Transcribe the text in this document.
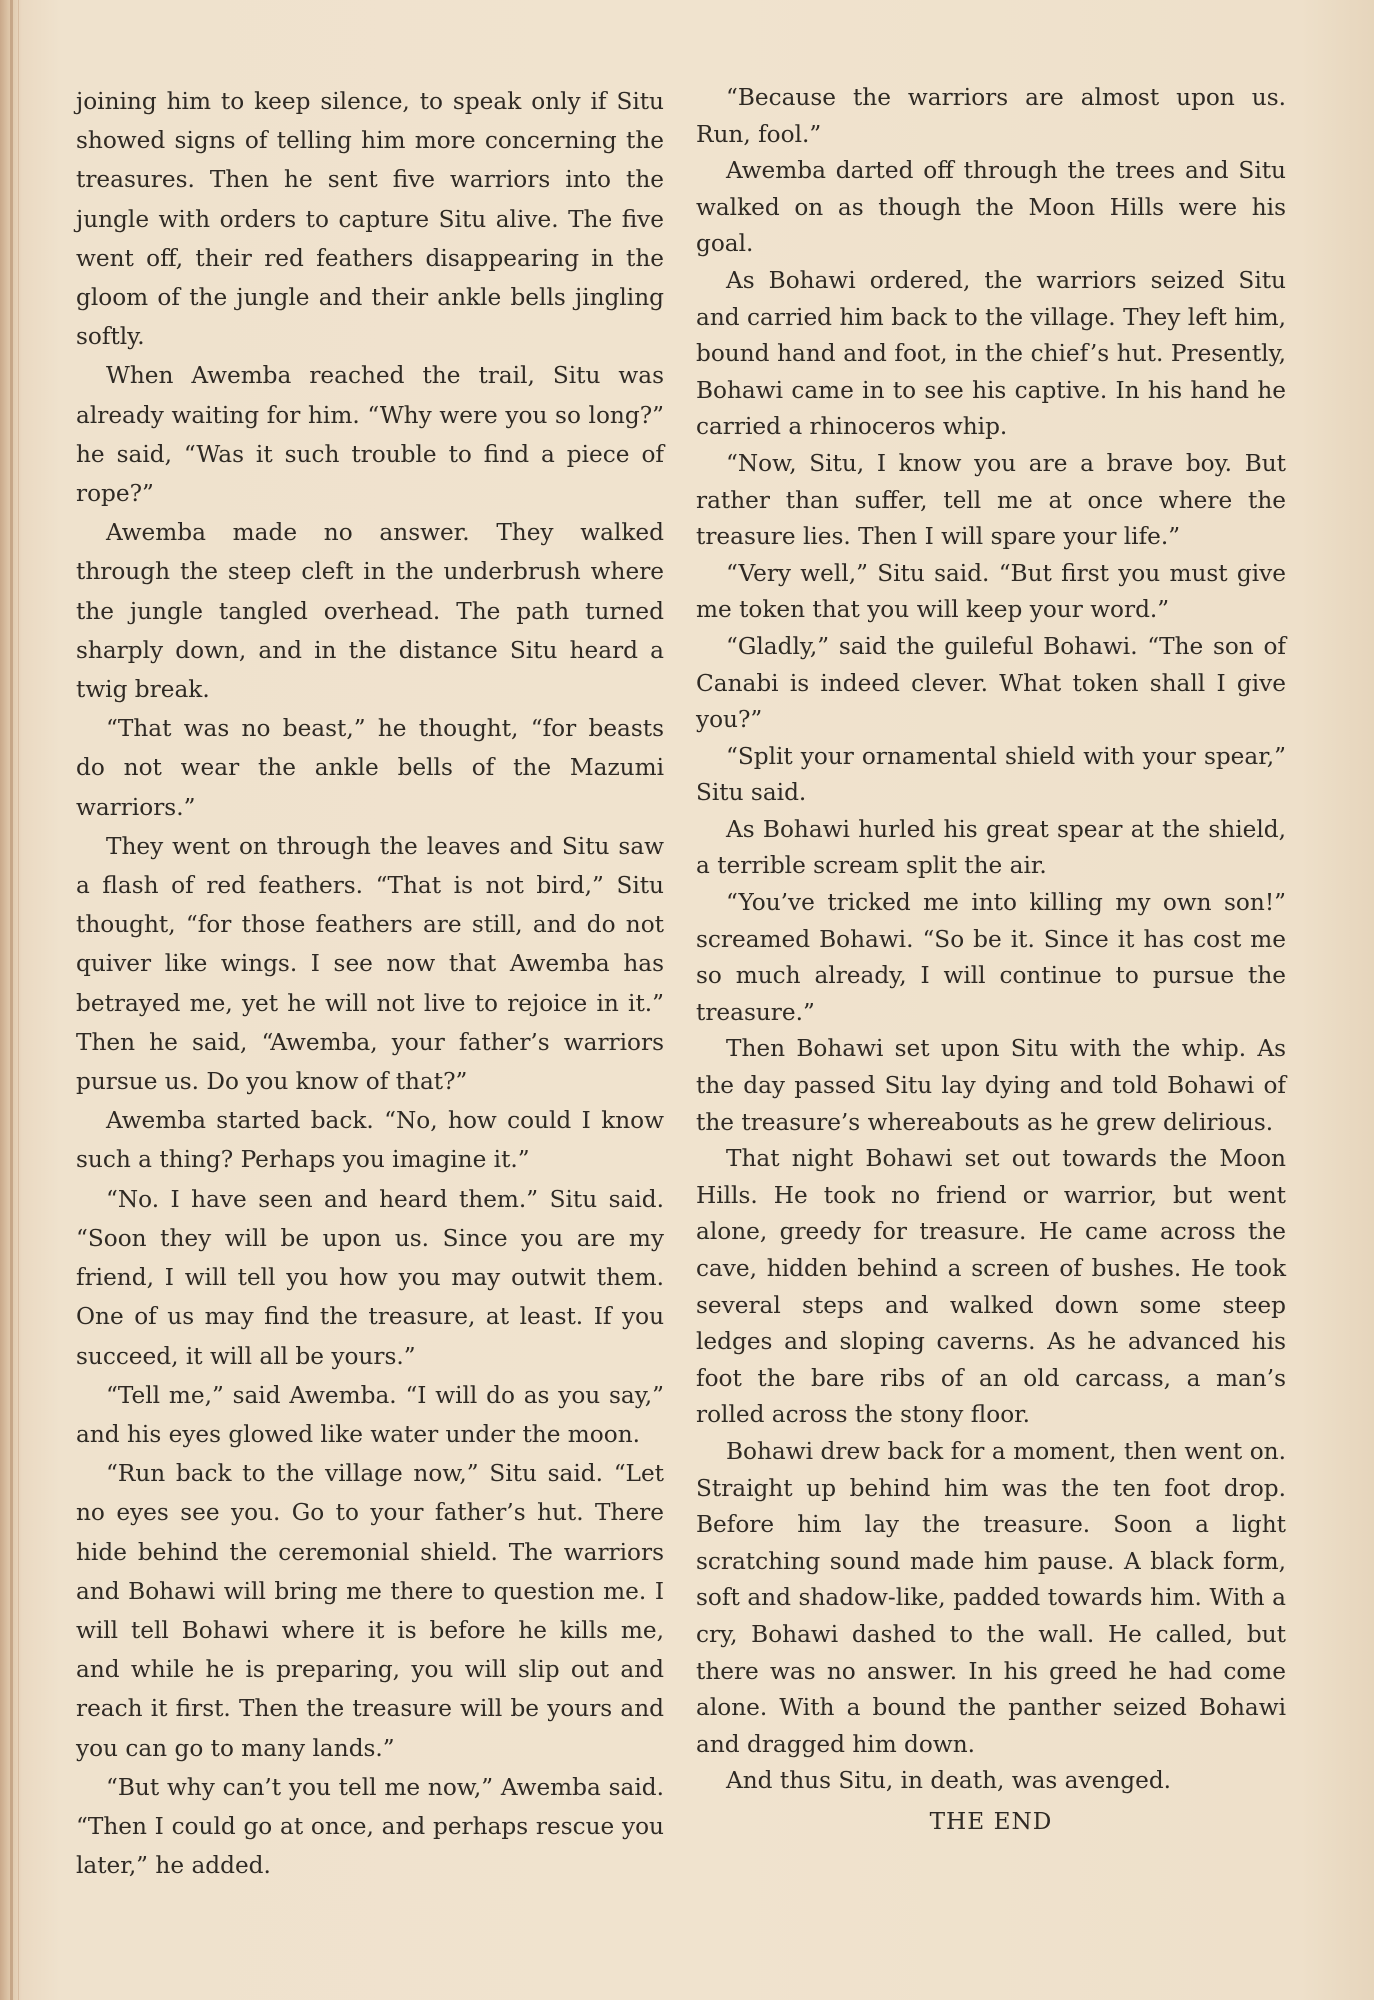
joining him to keep silence, to speak only if Situ showed signs of telling him more concerning the treasures. Then he sent five warriors into the jungle with orders to capture Situ alive. The five went off, their red feathers disappearing in the gloom of the jungle and their ankle bells jingling softly.

When Awemba reached the trail, Situ was already waiting for him. “Why were you so long?” he said, “Was it such trouble to find a piece of rope?”

Awemba made no answer. They walked through the steep cleft in the underbrush where the jungle tangled overhead. The path turned sharply down, and in the distance Situ heard a twig break.

“That was no beast,” he thought, “for beasts do not wear the ankle bells of the Mazumi warriors.”

They went on through the leaves and Situ saw a flash of red feathers. “That is not bird,” Situ thought, “for those feathers are still, and do not quiver like wings. I see now that Awemba has betrayed me, yet he will not live to rejoice in it.” Then he said, “Awemba, your father’s warriors pursue us. Do you know of that?”

Awemba started back. “No, how could I know such a thing? Perhaps you imagine it.”

“No. I have seen and heard them.” Situ said. “Soon they will be upon us. Since you are my friend, I will tell you how you may outwit them. One of us may find the treasure, at least. If you succeed, it will all be yours.”

“Tell me,” said Awemba. “I will do as you say,” and his eyes glowed like water under the moon.

“Run back to the village now,” Situ said. “Let no eyes see you. Go to your father’s hut. There hide behind the ceremonial shield. The warriors and Bohawi will bring me there to question me. I will tell Bohawi where it is before he kills me, and while he is preparing, you will slip out and reach it first. Then the treasure will be yours and you can go to many lands.”

“But why can’t you tell me now,” Awemba said. “Then I could go at once, and perhaps rescue you later,” he added.

“Because the warriors are almost upon us. Run, fool.”

Awemba darted off through the trees and Situ walked on as though the Moon Hills were his goal.

As Bohawi ordered, the warriors seized Situ and carried him back to the village. They left him, bound hand and foot, in the chief’s hut. Presently, Bohawi came in to see his captive. In his hand he carried a rhinoceros whip.

“Now, Situ, I know you are a brave boy. But rather than suffer, tell me at once where the treasure lies. Then I will spare your life.”

“Very well,” Situ said. “But first you must give me token that you will keep your word.”

“Gladly,” said the guileful Bohawi. “The son of Canabi is indeed clever. What token shall I give you?”

“Split your ornamental shield with your spear,” Situ said.

As Bohawi hurled his great spear at the shield, a terrible scream split the air.

“You’ve tricked me into killing my own son!” screamed Bohawi. “So be it. Since it has cost me so much already, I will continue to pursue the treasure.”

Then Bohawi set upon Situ with the whip. As the day passed Situ lay dying and told Bohawi of the treasure’s whereabouts as he grew delirious.

That night Bohawi set out towards the Moon Hills. He took no friend or warrior, but went alone, greedy for treasure. He came across the cave, hidden behind a screen of bushes. He took several steps and walked down some steep ledges and sloping caverns. As he advanced his foot the bare ribs of an old carcass, a man’s rolled across the stony floor.

Bohawi drew back for a moment, then went on. Straight up behind him was the ten foot drop. Before him lay the treasure. Soon a light scratching sound made him pause. A black form, soft and shadow-like, padded towards him. With a cry, Bohawi dashed to the wall. He called, but there was no answer. In his greed he had come alone. With a bound the panther seized Bohawi and dragged him down.

And thus Situ, in death, was avenged.

THE END
